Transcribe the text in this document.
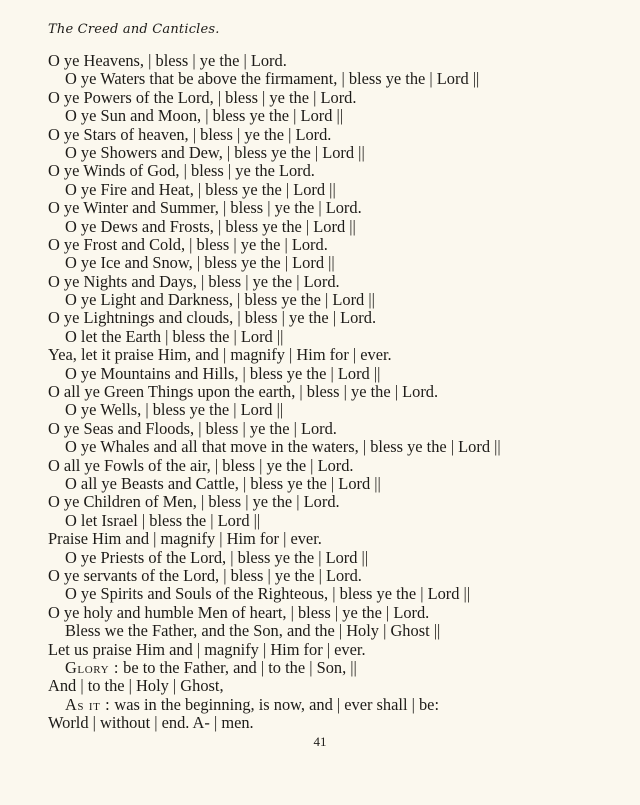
The Creed and Canticles.
O ye Heavens, | bless | ye the | Lord.
O ye Waters that be above the firmament, | bless ye the | Lord ||
O ye Powers of the Lord, | bless | ye the | Lord.
O ye Sun and Moon, | bless ye the | Lord ||
O ye Stars of heaven, | bless | ye the | Lord.
O ye Showers and Dew, | bless ye the | Lord ||
O ye Winds of God, | bless | ye the Lord.
O ye Fire and Heat, | bless ye the | Lord ||
O ye Winter and Summer, | bless | ye the | Lord.
O ye Dews and Frosts, | bless ye the | Lord ||
O ye Frost and Cold, | bless | ye the | Lord.
O ye Ice and Snow, | bless ye the | Lord ||
O ye Nights and Days, | bless | ye the | Lord.
O ye Light and Darkness, | bless ye the | Lord ||
O ye Lightnings and clouds, | bless | ye the | Lord.
O let the Earth | bless the | Lord ||
Yea, let it praise Him, and | magnify | Him for | ever.
O ye Mountains and Hills, | bless ye the | Lord ||
O all ye Green Things upon the earth, | bless | ye the | Lord.
O ye Wells, | bless ye the | Lord ||
O ye Seas and Floods, | bless | ye the | Lord.
O ye Whales and all that move in the waters, | bless ye the | Lord ||
O all ye Fowls of the air, | bless | ye the | Lord.
O all ye Beasts and Cattle, | bless ye the | Lord ||
O ye Children of Men, | bless | ye the | Lord.
O let Israel | bless the | Lord ||
Praise Him and | magnify | Him for | ever.
O ye Priests of the Lord, | bless ye the | Lord ||
O ye servants of the Lord, | bless | ye the | Lord.
O ye Spirits and Souls of the Righteous, | bless ye the | Lord ||
O ye holy and humble Men of heart, | bless | ye the | Lord.
Bless we the Father, and the Son, and the | Holy | Ghost ||
Let us praise Him and | magnify | Him for | ever.
Glory : be to the Father, and | to the | Son, ||
And | to the | Holy | Ghost,
As it : was in the beginning, is now, and | ever shall | be:
World | without | end. A- | men.
41
